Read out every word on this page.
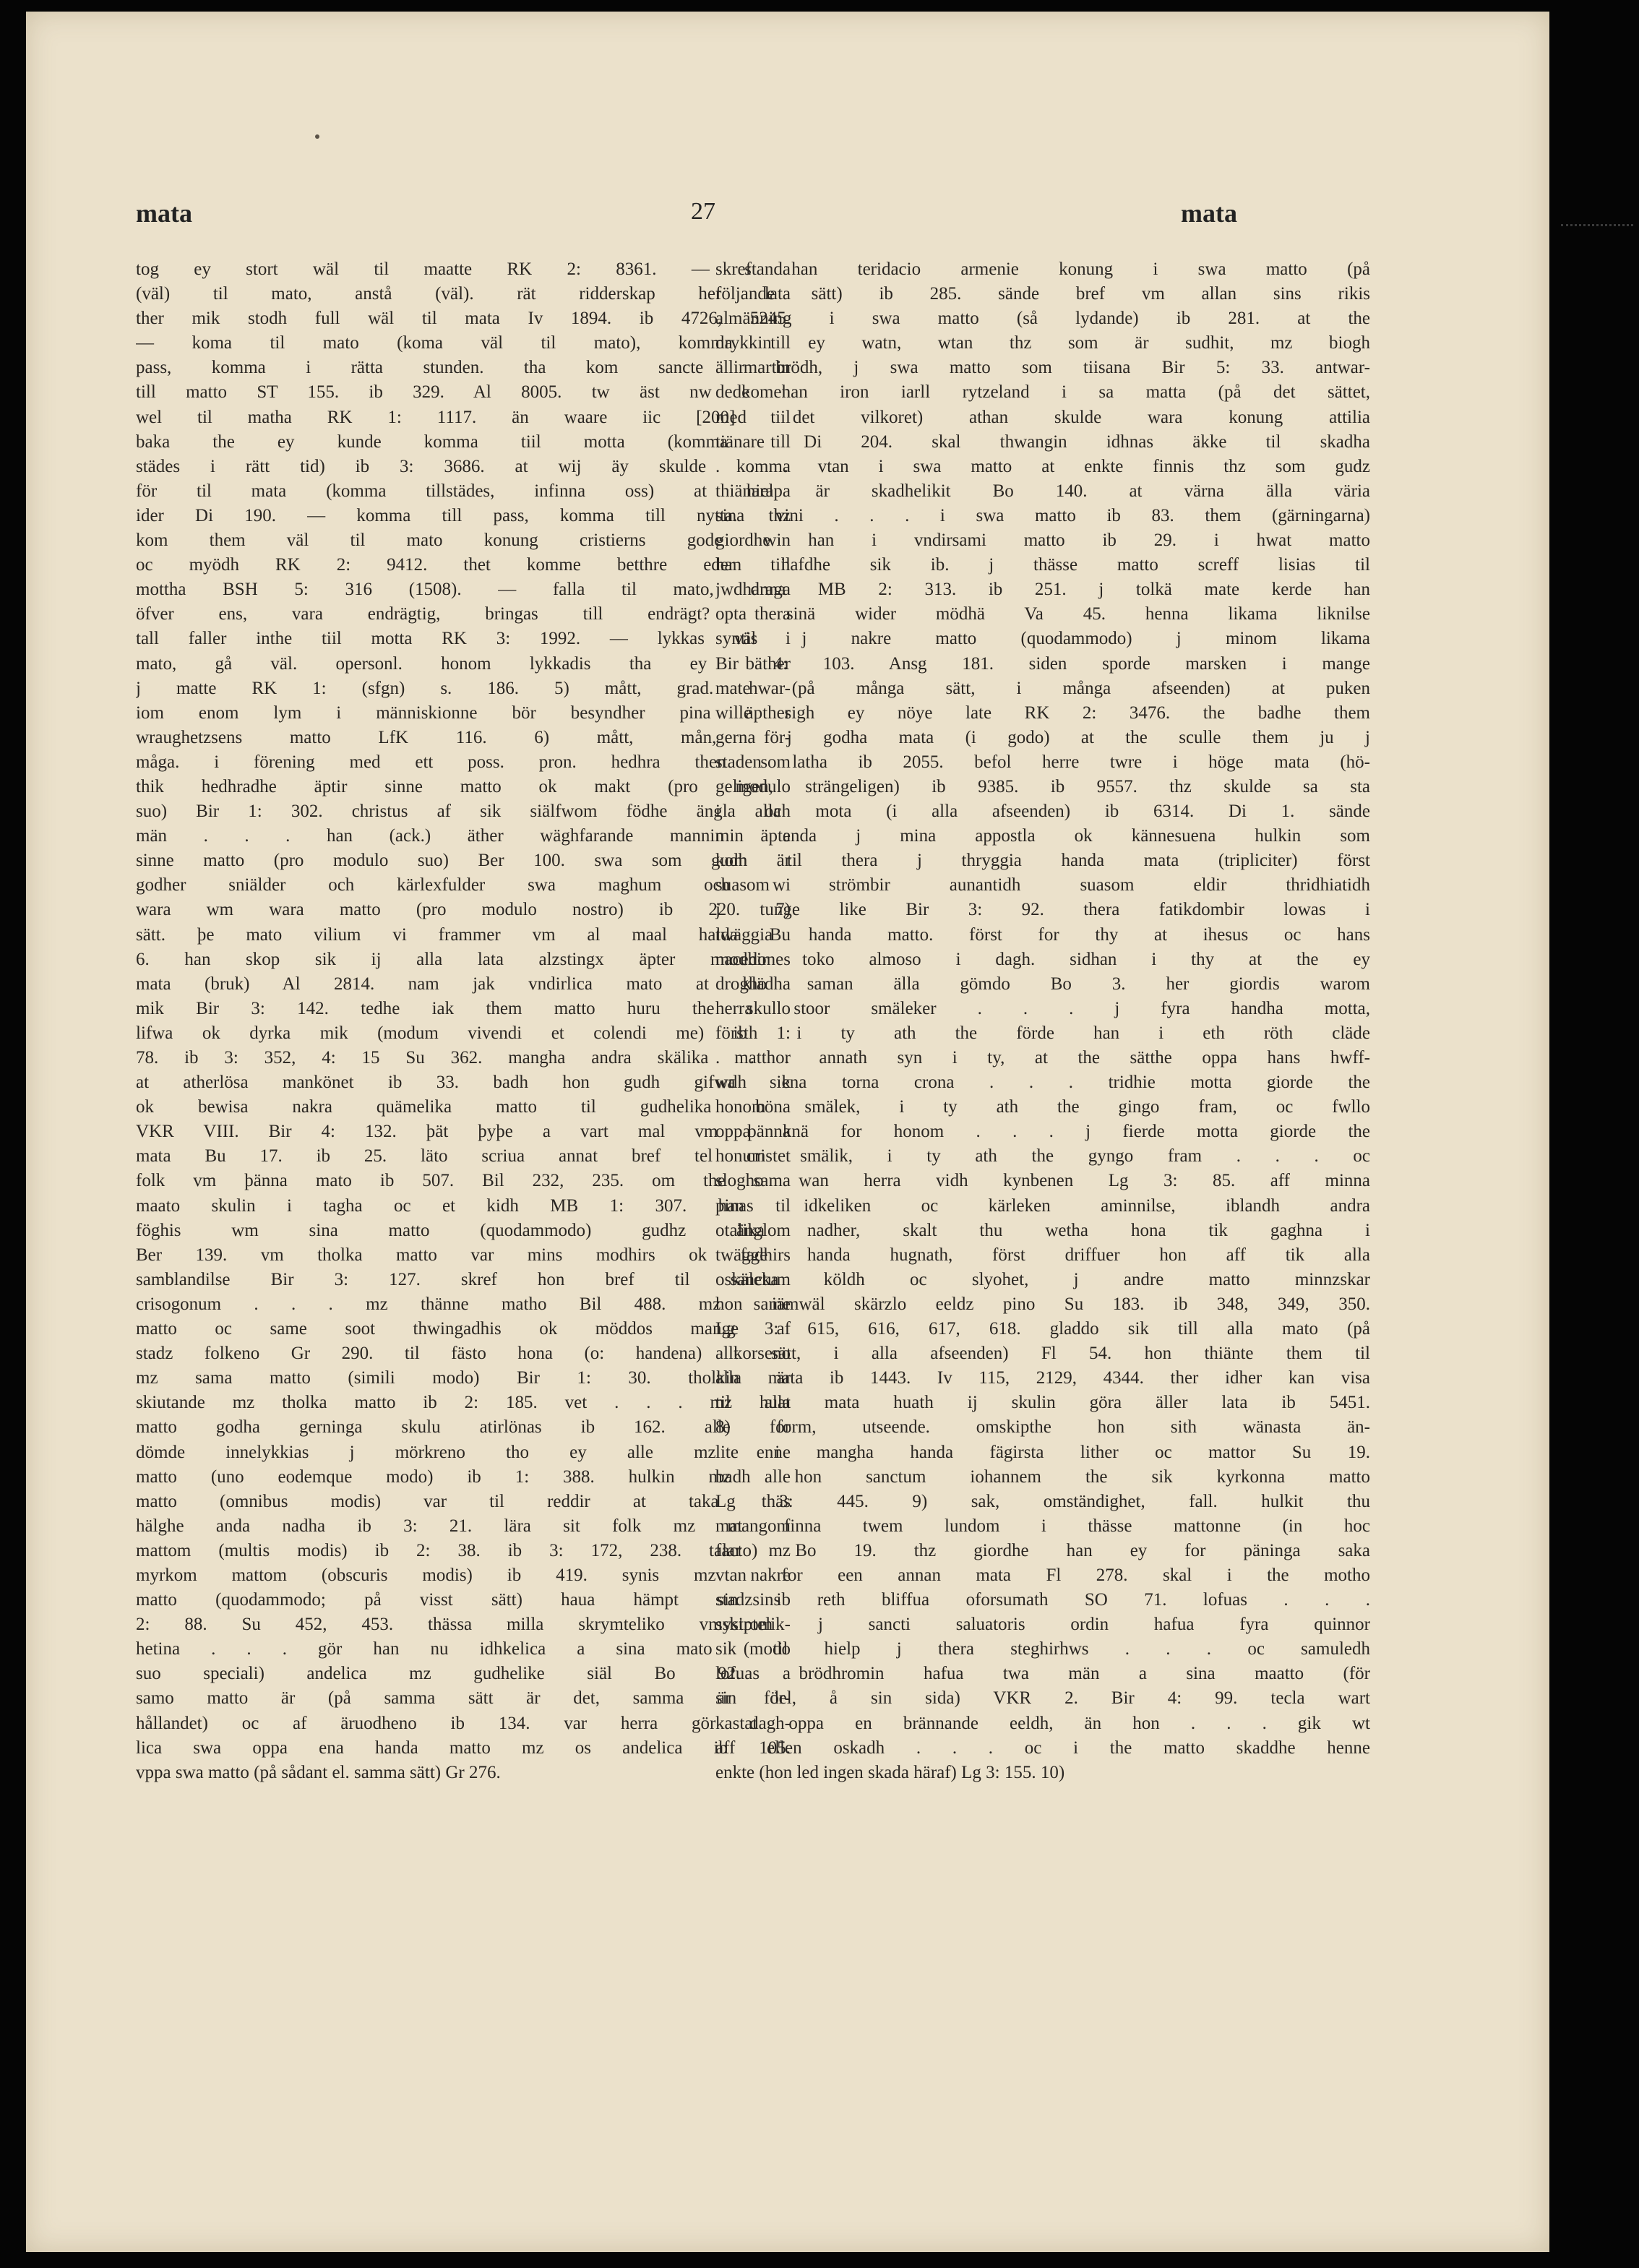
mata	27	mata
tog ey stort wäl til maatte RK 2: 8361. — standa
(väl) til mato, anstå (väl). rät ridderskap her lata
ther mik stodh full wäl til mata Iv 1894. ib 4726, 5245.
— koma til mato (koma väl til mato), komma till
pass, komma i rätta stunden. tha kom sancte martin
till matto ST 155. ib 329. Al 8005. tw äst nw komen
wel til matha RK 1: 1117. än waare iic [200] tiil
baka the ey kunde komma tiil motta (komma till
städes i rätt tid) ib 3: 3686. at wij äy skulde komma
för til mata (komma tillstädes, infinna oss) at hielpa
ider Di 190. — komma till pass, komma till nytta. thz
kom them väl til mato konung cristierns gode win
oc myödh RK 2: 9412. thet komme betthre eder tiil
mottha BSH 5: 316 (1508). — falla til mato, draga
öfver ens, vara endrägtig, bringas till endrägt? thera
tall faller inthe tiil motta RK 3: 1992. — lykkas väl i
mato, gå väl. opersonl. honom lykkadis tha ey bäther
j matte RK 1: (sfgn) s. 186. 5) mått, grad. hwar-
iom enom lym i människionne bör besyndher pina äpther
wraughetzsens matto LfK 116. 6) mått, mån, för-
måga. i förening med ett poss. pron. hedhra then som
thik hedhradhe äptir sinne matto ok makt (pro modulo
suo) Bir 1: 302. christus af sik siälfwom födhe ängla och
män . . . han (ack.) äther wäghfarande mannin äpte
sinne matto (pro modulo suo) Ber 100. swa som gudh är
godher sniälder och kärlexfulder swa maghum och wi
wara wm wara matto (pro modulo nostro) ib 220. 7)
sätt. þe mato vilium vi frammer vm al maal halda Bu
6. han skop sik ij alla lata alzstingx äpter macedones
mata (bruk) Al 2814. nam jak vndirlica mato at klädha
mik Bir 3: 142. tedhe iak them matto huru the skullo
lifwa ok dyrka mik (modum vivendi et colendi me) ib 1:
78. ib 3: 352, 4: 15 Su 362. mangha andra skälika matthor
at atherlösa mankönet ib 33. badh hon gudh gifwa sik
ok bewisa nakra quämelika matto til gudhelika böna
VKR VIII. Bir 4: 132. þät þyþe a vart mal vm þänna
mata Bu 17. ib 25. läto scriua annat bref tel cristet
folk vm þänna mato ib 507. Bil 232, 235. om the sama
maato skulin i tagha oc et kidh MB 1: 307. han til
föghis wm sina matto (quodammodo) gudhz änglom
Ber 139. vm tholka matto var mins modhirs ok fadhirs
samblandilse Bir 3: 127. skref hon bref til sanctum
crisogonum . . . mz thänne matho Bil 488. mz same
matto oc same soot thwingadhis ok möddos mange af
stadz folkeno Gr 290. til fästo hona (o: handena) korseno
mz sama matto (simili modo) Bir 1: 30. tholkin är
skiutande mz tholka matto ib 2: 185. vet . . . mz huat
matto godha gerninga skulu atirlönas ib 162. alle for
dömde innelykkias j mörkreno tho ey alle mz enne
matto (uno eodemque modo) ib 1: 388. hulkin mz alle
matto (omnibus modis) var til reddir at taka thäs
hälghe anda nadha ib 3: 21. lära sit folk mz mangom
mattom (multis modis) ib 2: 38. ib 3: 172, 238. talar mz
myrkom mattom (obscuris modis) ib 419. synis mz nakre
matto (quodammodo; på visst sätt) haua hämpt sin ib
2: 88. Su 452, 453. thässa milla skrymtelikо vmskiptelik-
hetina . . . gör han nu idhkelica a sina mato (modo
suo speciali) andelica mz gudhelike siäl Bo 92. a
samo matto är (på samma sätt är det, samma är för-
hållandet) oc af äruodheno ib 134. var herra gör dagh-
lica swa oppa ena handa matto mz os andelica ib 105.
vppa swa matto (på sådant el. samma sätt) Gr 276.
skref han teridacio armenie konung i swa matto (på
följande sätt) ib 285. sände bref vm allan sins rikis
almänning i swa matto (så lydande) ib 281. at the
drykkin ey watn, wtan thz som är sudhit, mz biogh
ällir brödh, j swa matto som tiisana Bir 5: 33. antwar-
dede han iron iarll rytzeland i sa matta (på det sättet,
med det vilkoret) athan skulde wara konung attilia
tiänare Di 204. skal thwangin idhnas äkke til skadha
. . . vtan i swa matto at enkte finnis thz som gudz
thiänara är skadhelikit Bo 140. at värna älla väria
sina vini . . . i swa matto ib 83. them (gärningarna)
giordhe han i vndirsami matto ib 29. i hwat matto
han hafdhe sik ib. j thässe matto screff lisias til
jwdhanna MB 2: 313. ib 251. j tolkä mate kerde han
opta sinä wider mödhä Va 45. henna likama liknilse
syntis j nakre matto (quodammodo) j minom likama
Bir 4: 103. Ansg 181. siden sporde marsken i mange
mate (på många sätt, i många afseenden) at puken
wille sigh ey nöye late RK 2: 3476. the badhe them
gerna j godha mata (i godo) at the sculle them ju j
staden latha ib 2055. befol herre twre i höge mata (hö-
geligen, strängeligen) ib 9385. ib 9557. thz skulde sa sta
i alla mota (i alla afseenden) ib 6314. Di 1. sände
min anda j mina appostla ok kännesuena hulkin som
kom til thera j thryggia handa mata (tripliciter) först
suasom strömbir aunantidh suasom eldir thridhiatidh
j tunge like Bir 3: 92. thera fatikdombir lowas i
twäggia handa matto. först for thy at ihesus oc hans
modhir toko almoso i dagh. sidhan i thy at the ey
drogho saman älla gömdo Bo 3. her giordis warom
herra stoor smäleker . . . j fyra handha motta,
försth i ty ath the förde han i eth röth cläde
. . . annath syn i ty, at the sätthe oppa hans hwff-
wdh ena torna crona . . . tridhie motta giorde the
honom smälek, i ty ath the gingo fram, oc fwllo
oppa knä for honom . . . j fierde motta giorde the
honum smälik, i ty ath the gyngo fram . . . oc
slogho wan herra vidh kynbenen Lg 3: 85. aff minna
pinas idkeliken oc kärleken aminnilse, iblandh andra
otalika nadher, skalt thu wetha hona tik gaghna i
twägge handa hugnath, först driffuer hon aff tik alla
oskäleka köldh oc slyohet, j andre matto minnzskar
hon iämwäl skärzlo eeldz pino Su 183. ib 348, 349, 350.
Lg 3: 615, 616, 617, 618. gladdo sik till alla mato (på
allt sätt, i alla afseenden) Fl 54. hon thiänte them til
alla mata ib 1443. Iv 115, 2129, 4344. ther idher kan visa
til alla mata huath ij skulin göra äller lata ib 5451.
8) form, utseende. omskipthe hon sith wänasta än-
lite i mangha handa fägirsta lither oc mattor Su 19.
badh hon sanctum iohannem the sik kyrkonna matto
Lg 3: 445. 9) sak, omständighet, fall. hulkit thu
mat finna twem lundom i thässe mattonne (in hoc
facto) Bo 19. thz giordhe han ey for päninga saka
vtan for een annan mata Fl 278. skal i the motho
stadzsins reth bliffua oforsumath SO 71. lofuas . . .
systrom j sancti saluatoris ordin hafua fyra quinnor
sik til hielp j thera steghirhws . . . oc samuledh
lofuas brödhromin hafua twa män a sina maatto (för
sin del, å sin sida) VKR 2. Bir 4: 99. tecla wart
kastat oppa en brännande eeldh, än hon . . . gik wt
aff ellen oskadh . . . oc i the matto skaddhe henne
enkte (hon led ingen skada häraf) Lg 3: 155. 10)
